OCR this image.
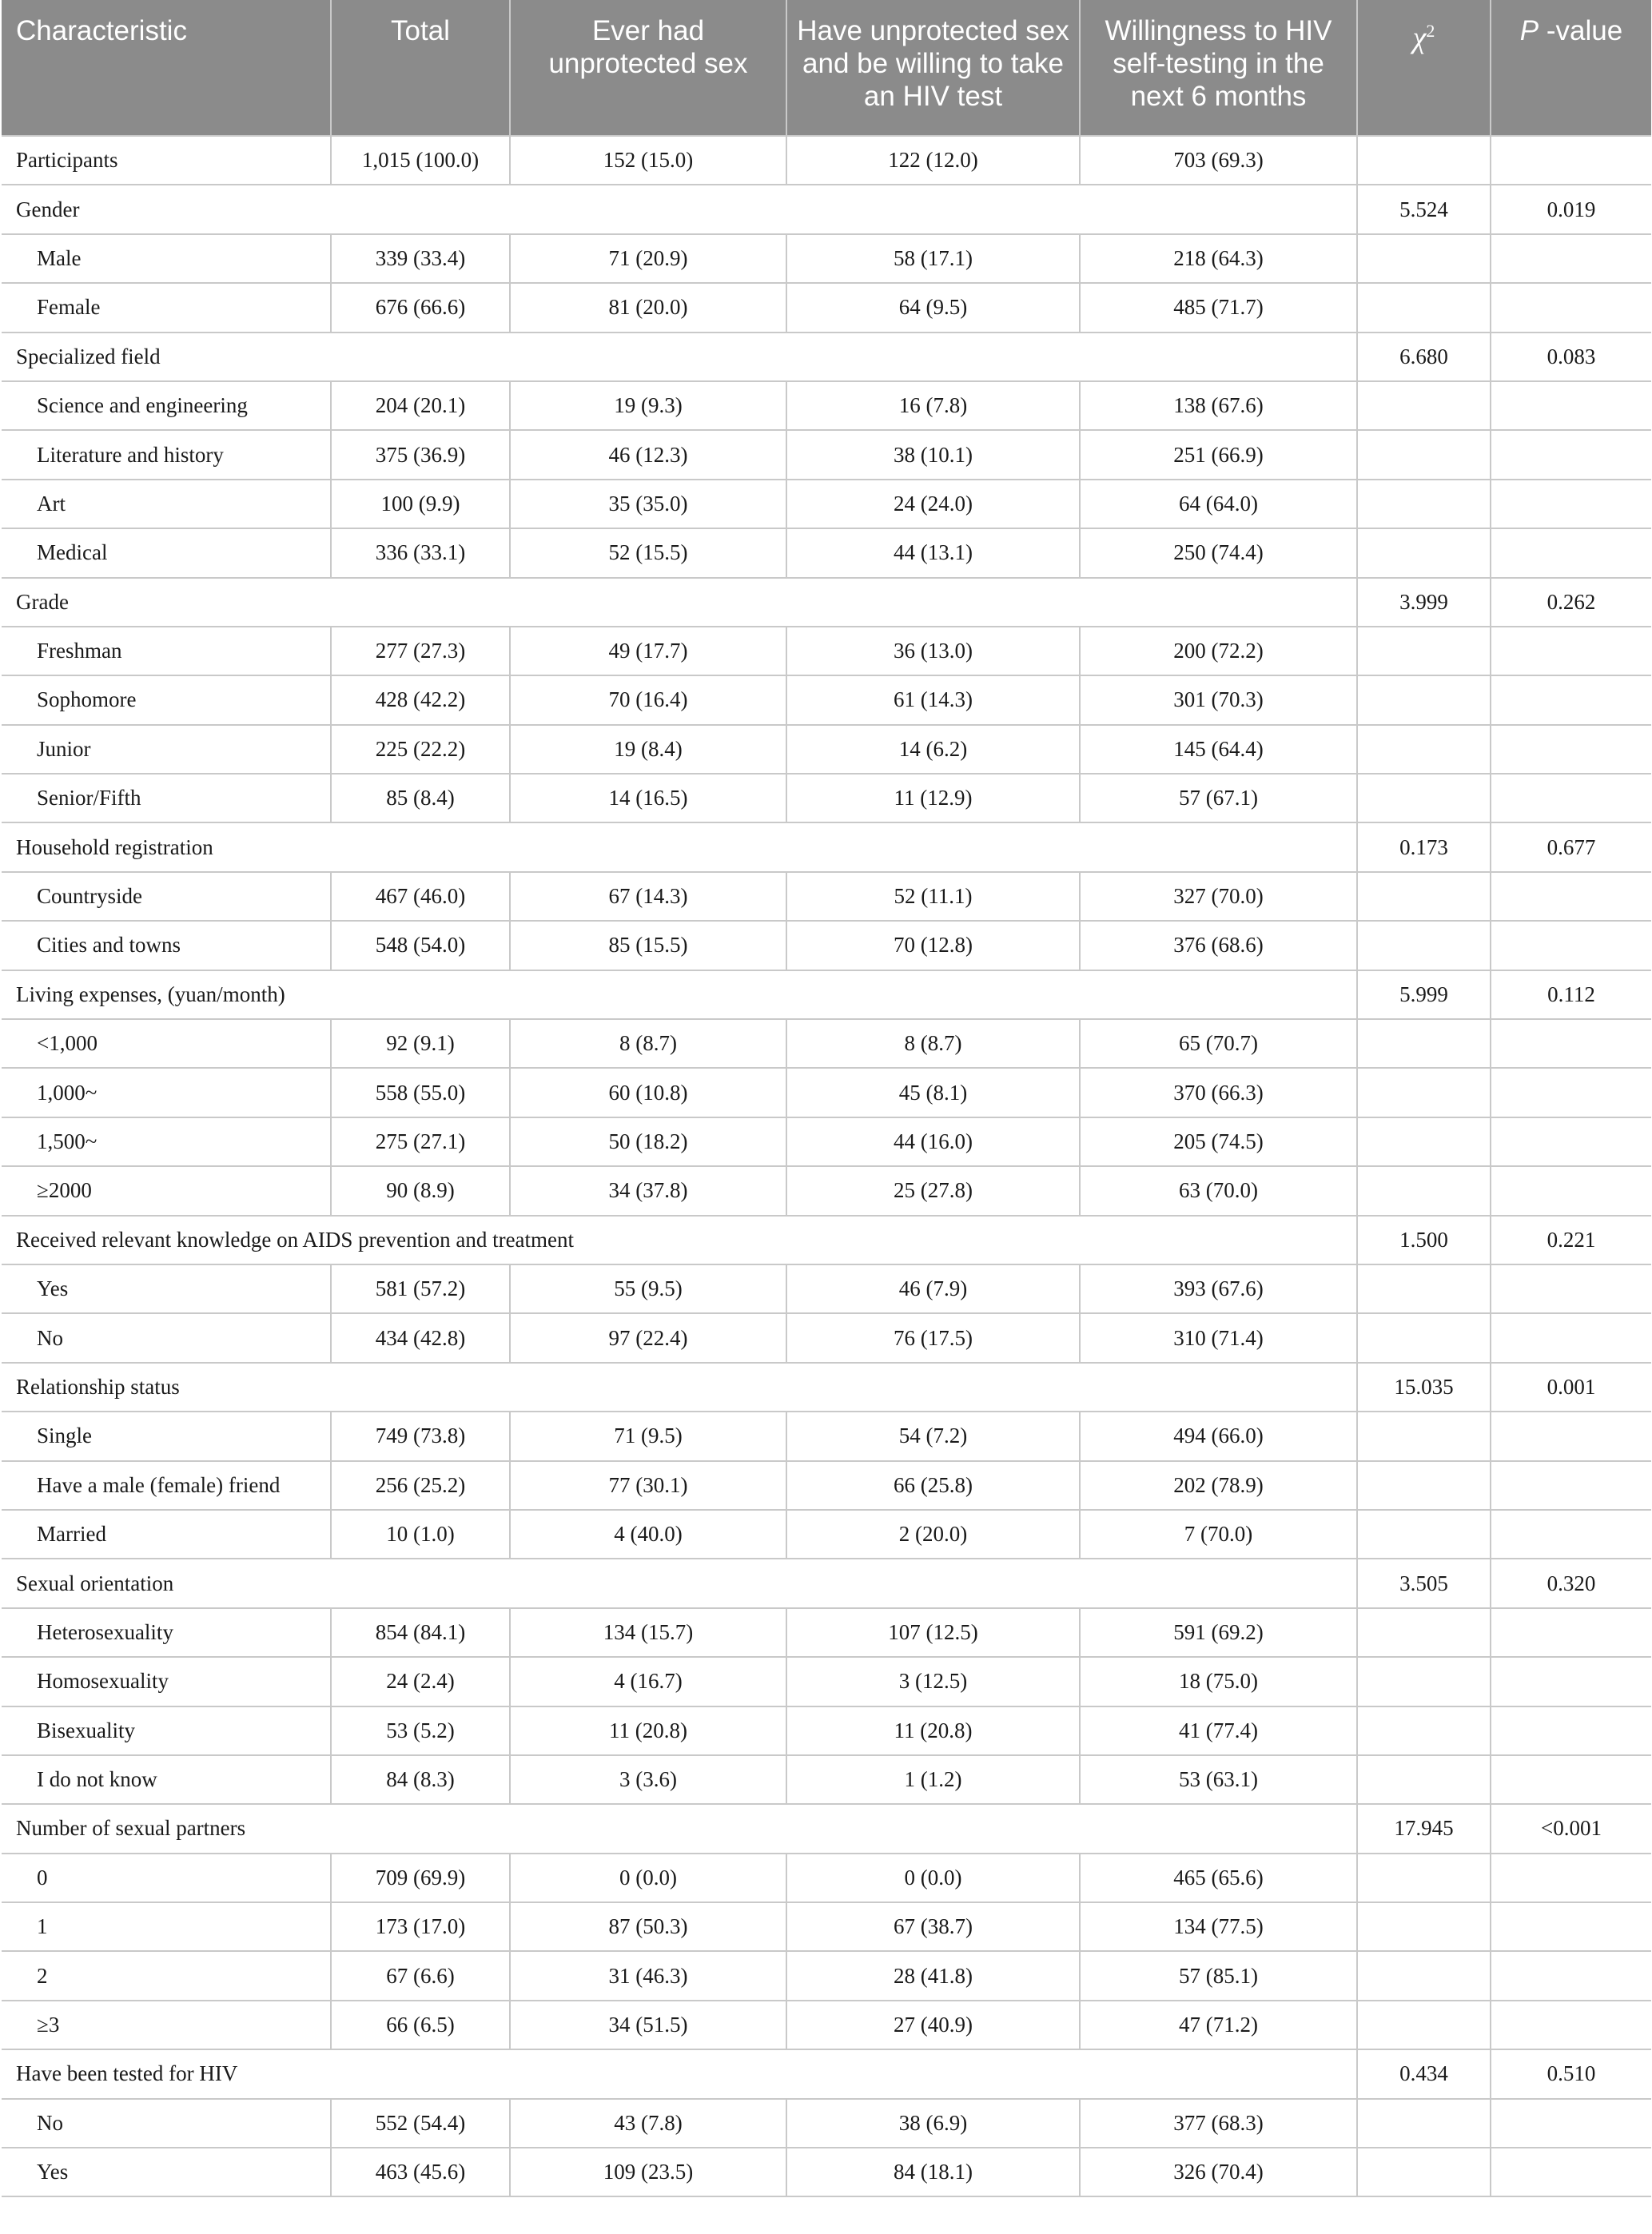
Characteristic	Total	Ever had unprotected sex	Have unprotected sex and be willing to take an HIV test	Willingness to HIV self-testing in the next 6 months	$\chi^2$	P -value
Participants	1,015 (100.0)	152 (15.0)	122 (12.0)	703 (69.3)		
Gender					5.524	0.019
Male	339 (33.4)	71 (20.9)	58 (17.1)	218 (64.3)		
Female	676 (66.6)	81 (20.0)	64 (9.5)	485 (71.7)		
Specialized field					6.680	0.083
Science and engineering	204 (20.1)	19 (9.3)	16 (7.8)	138 (67.6)		
Literature and history	375 (36.9)	46 (12.3)	38 (10.1)	251 (66.9)		
Art	100 (9.9)	35 (35.0)	24 (24.0)	64 (64.0)		
Medical	336 (33.1)	52 (15.5)	44 (13.1)	250 (74.4)		
Grade					3.999	0.262
Freshman	277 (27.3)	49 (17.7)	36 (13.0)	200 (72.2)		
Sophomore	428 (42.2)	70 (16.4)	61 (14.3)	301 (70.3)		
Junior	225 (22.2)	19 (8.4)	14 (6.2)	145 (64.4)		
Senior/Fifth	85 (8.4)	14 (16.5)	11 (12.9)	57 (67.1)		
Household registration					0.173	0.677
Countryside	467 (46.0)	67 (14.3)	52 (11.1)	327 (70.0)		
Cities and towns	548 (54.0)	85 (15.5)	70 (12.8)	376 (68.6)		
Living expenses, (yuan/month)					5.999	0.112
<1,000	92 (9.1)	8 (8.7)	8 (8.7)	65 (70.7)		
1,000~	558 (55.0)	60 (10.8)	45 (8.1)	370 (66.3)		
1,500~	275 (27.1)	50 (18.2)	44 (16.0)	205 (74.5)		
≥2000	90 (8.9)	34 (37.8)	25 (27.8)	63 (70.0)		
Received relevant knowledge on AIDS prevention and treatment					1.500	0.221
Yes	581 (57.2)	55 (9.5)	46 (7.9)	393 (67.6)		
No	434 (42.8)	97 (22.4)	76 (17.5)	310 (71.4)		
Relationship status					15.035	0.001
Single	749 (73.8)	71 (9.5)	54 (7.2)	494 (66.0)		
Have a male (female) friend	256 (25.2)	77 (30.1)	66 (25.8)	202 (78.9)		
Married	10 (1.0)	4 (40.0)	2 (20.0)	7 (70.0)		
Sexual orientation					3.505	0.320
Heterosexuality	854 (84.1)	134 (15.7)	107 (12.5)	591 (69.2)		
Homosexuality	24 (2.4)	4 (16.7)	3 (12.5)	18 (75.0)		
Bisexuality	53 (5.2)	11 (20.8)	11 (20.8)	41 (77.4)		
I do not know	84 (8.3)	3 (3.6)	1 (1.2)	53 (63.1)		
Number of sexual partners					17.945	<0.001
0	709 (69.9)	0 (0.0)	0 (0.0)	465 (65.6)		
1	173 (17.0)	87 (50.3)	67 (38.7)	134 (77.5)		
2	67 (6.6)	31 (46.3)	28 (41.8)	57 (85.1)		
≥3	66 (6.5)	34 (51.5)	27 (40.9)	47 (71.2)		
Have been tested for HIV					0.434	0.510
No	552 (54.4)	43 (7.8)	38 (6.9)	377 (68.3)		
Yes	463 (45.6)	109 (23.5)	84 (18.1)	326 (70.4)		
